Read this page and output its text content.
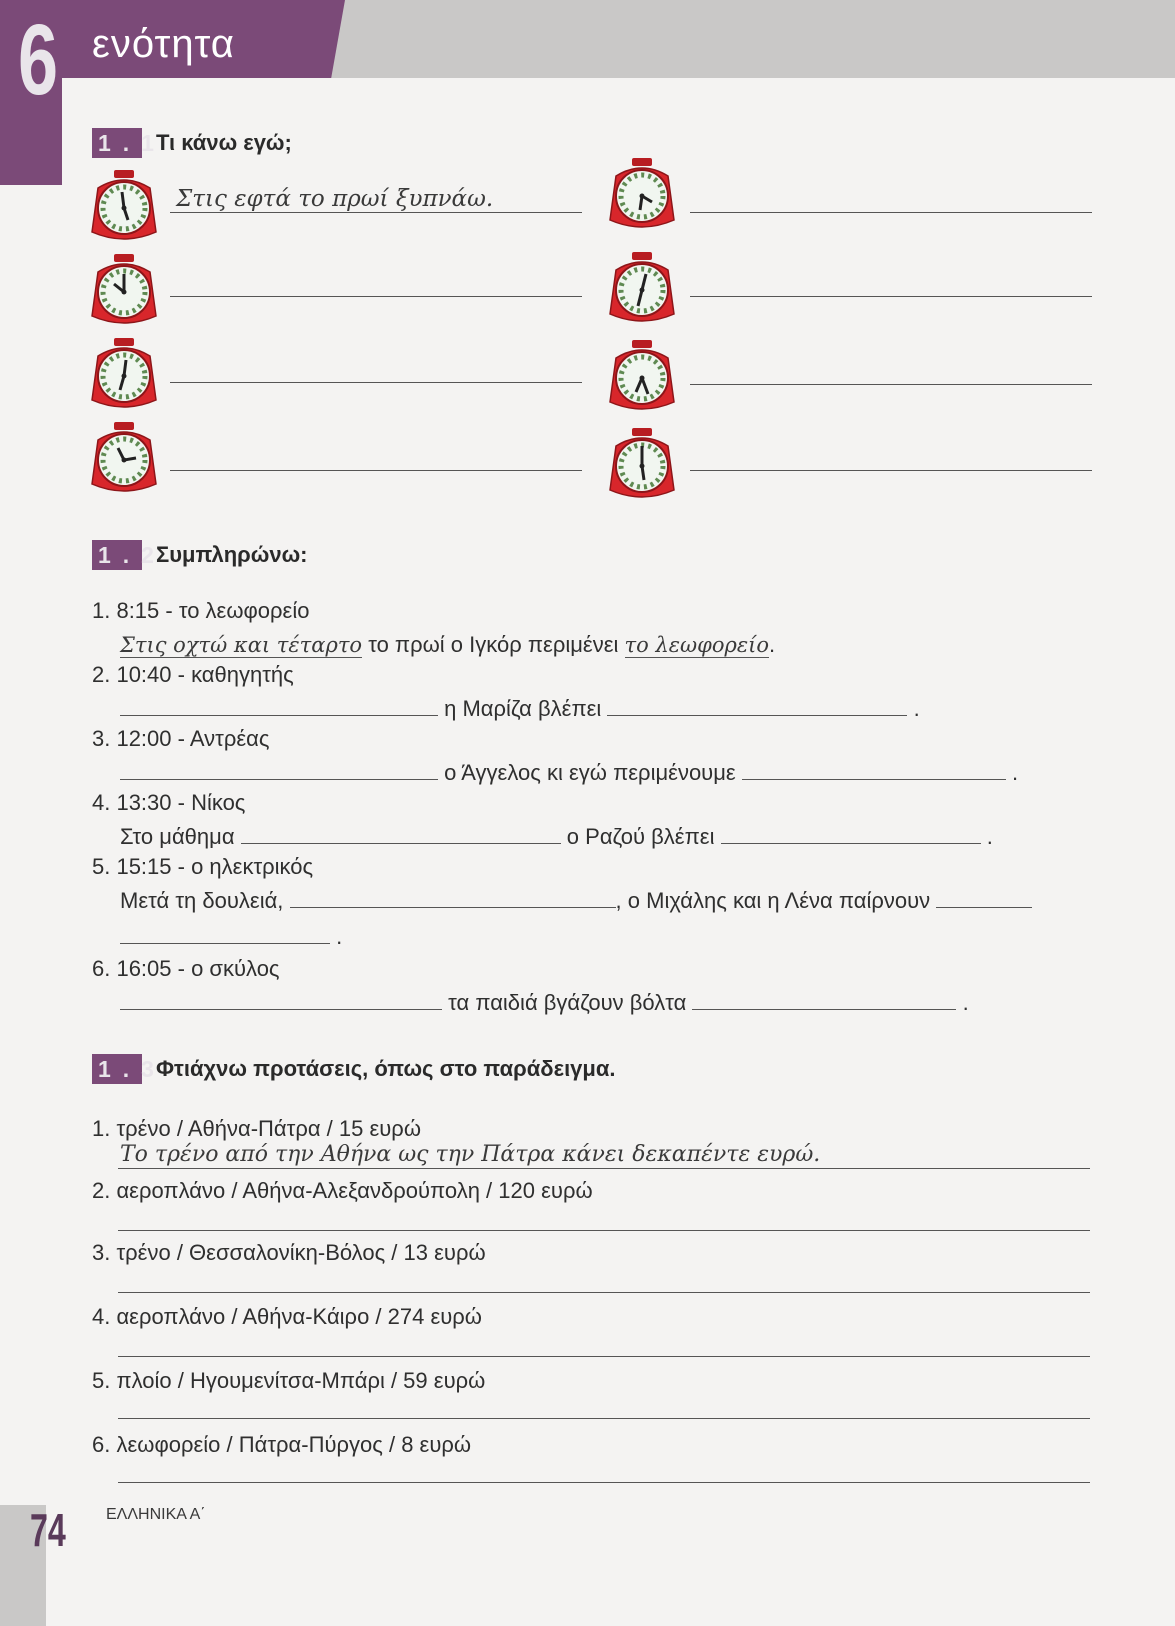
6 ενότητα
1.1
Τι κάνω εγώ;
Στις εφτά το πρωί ξυπνάω.
1.2
Συμπληρώνω:
1. 8:15 - το λεωφορείο
Στις οχτώ και τέταρτο το πρωί ο Ιγκόρ περιμένει το λεωφορείο.
2. 10:40 - καθηγητής
η Μαρίζα βλέπει	.
3. 12:00 - Αντρέας
ο Άγγελος κι εγώ περιμένουμε	.
4. 13:30 - Νίκος
Στο μάθημα	ο Ραζού βλέπει	.
5. 15:15 - ο ηλεκτρικός
Μετά τη δουλειά,	, ο Μιχάλης και η Λένα παίρνουν
.
6. 16:05 - ο σκύλος
τα παιδιά βγάζουν βόλτα	.
1.3
Φτιάχνω προτάσεις, όπως στο παράδειγμα.
1. τρένο / Αθήνα-Πάτρα / 15 ευρώ
Το τρένο από την Αθήνα ως την Πάτρα κάνει δεκαπέντε ευρώ.
2. αεροπλάνο / Αθήνα-Αλεξανδρούπολη / 120 ευρώ
3. τρένο / Θεσσαλονίκη-Βόλος / 13 ευρώ
4. αεροπλάνο / Αθήνα-Κάιρο / 274 ευρώ
5. πλοίο / Ηγουμενίτσα-Μπάρι / 59 ευρώ
6. λεωφορείο / Πάτρα-Πύργος / 8 ευρώ
74	ΕΛΛΗΝΙΚΑ Α΄
